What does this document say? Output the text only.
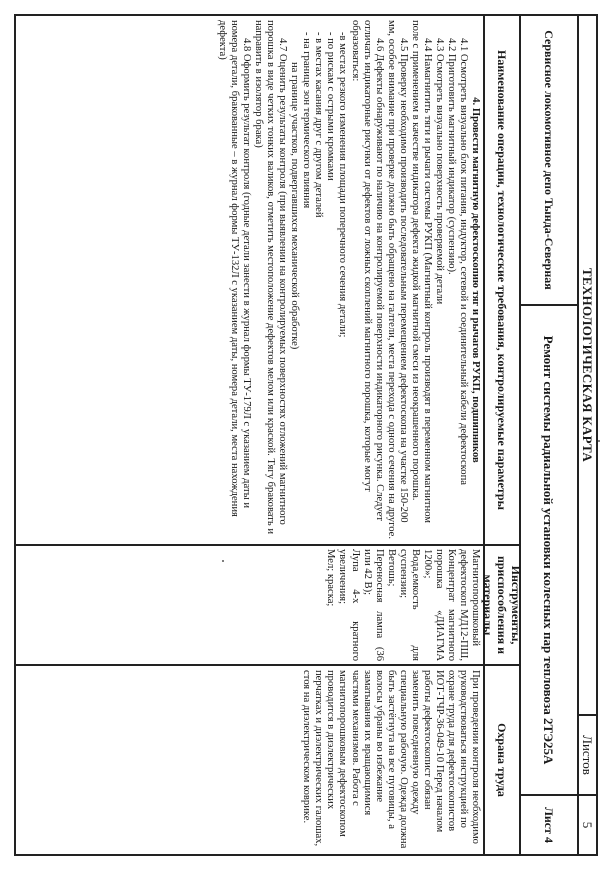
ТЕХНОЛОГИЧЕСКАЯ КАРТА
Листов
5
Сервисное локомотивное депо Тында-Северная
Ремонт системы радиальной установки колесных пар тепловоза 2ТЭ25А
Лист 4
Наименование операции, технологические требования, контролируемые параметры
Инструменты, приспособления и материалы
Охрана труда

4. Провести магнитную дефектоскопию тяг и рычагов РУКП, подшипников

4.1 Осмотреть визуально блок питания, индуктор, сетевой и соединительный кабели дефектоскопа

4.2 Приготовить магнитный индикатор (суспензию).

4.3 Осмотреть визуально поверхность проверяемой детали

4.4 Намагнитить тяги и рычаги системы РУКП (Магнитный контроль производят в переменном магнитном поле с применением в качестве индикатора дефекта жидкой магнитной смеси из неокрашенного порошка.

4.5 Проверку необходимо производить последовательным перемещением дефектоскопа на участке 150-200 мм, особое внимание при проверке должно быть обращено на галтели, места перехода с одного сечения на другое.

4.6 Дефекты обнаруживают по наличию на контролируемой поверхности индикаторного рисунка. Следует отличать индикаторные рисунки от дефектов от ложных скоплений магнитного порошка, которые могут образоваться:

-в местах резкого изменения площади поперечного сечения детали;

- по рискам с острыми кромками

- в местах касания друг с другом деталей

- на границе зон термического влияния

на границе участков, подвергавшихся механической обработке)

4.7 Оценить результаты контроля (при выявлении на контролируемых поверхностях отложений магнитного порошка в виде четких тонких валиков, отметить местоположение дефектов мелом или краской. Тягу браковать и направить в изолятор брака)

4.8 Оформить результат контроля (годные детали занести в журнал формы ТУ-179Л с указанием даты и номера детали, бракованные – в журнал формы ТУ-132Л с указанием даты, номера детали, места нахождения дефекта)

Магнитопорошковый дефектоскоп МД12-ПШ, Концентрат магнитного порошка «ДИАГМА 1200»;

Вода,емкость для суспензии;

Ветошь;

Переносная лампа (36 или 42 В);

Лупа 4-х кратного увеличения;

Мел; краска;

При проведении контроля необходимо руководствоваться инструкцией по охране труда для дефектоскопистов ИОТ-ТЧР-36-049-10 Перед началом работы дефектоскопист обязан заменить повседневную одежду специальную рабочую. Одежда должна быть застёгнута на все пуговицы, а волосы убраны во избежание заматывания их вращающимися частями механизмов. Работа с магнитопорошковым дефектоскопом проводится в диэлектрических перчатках и диэлектрических галошах, стоя на диэлектрическом коврике.
